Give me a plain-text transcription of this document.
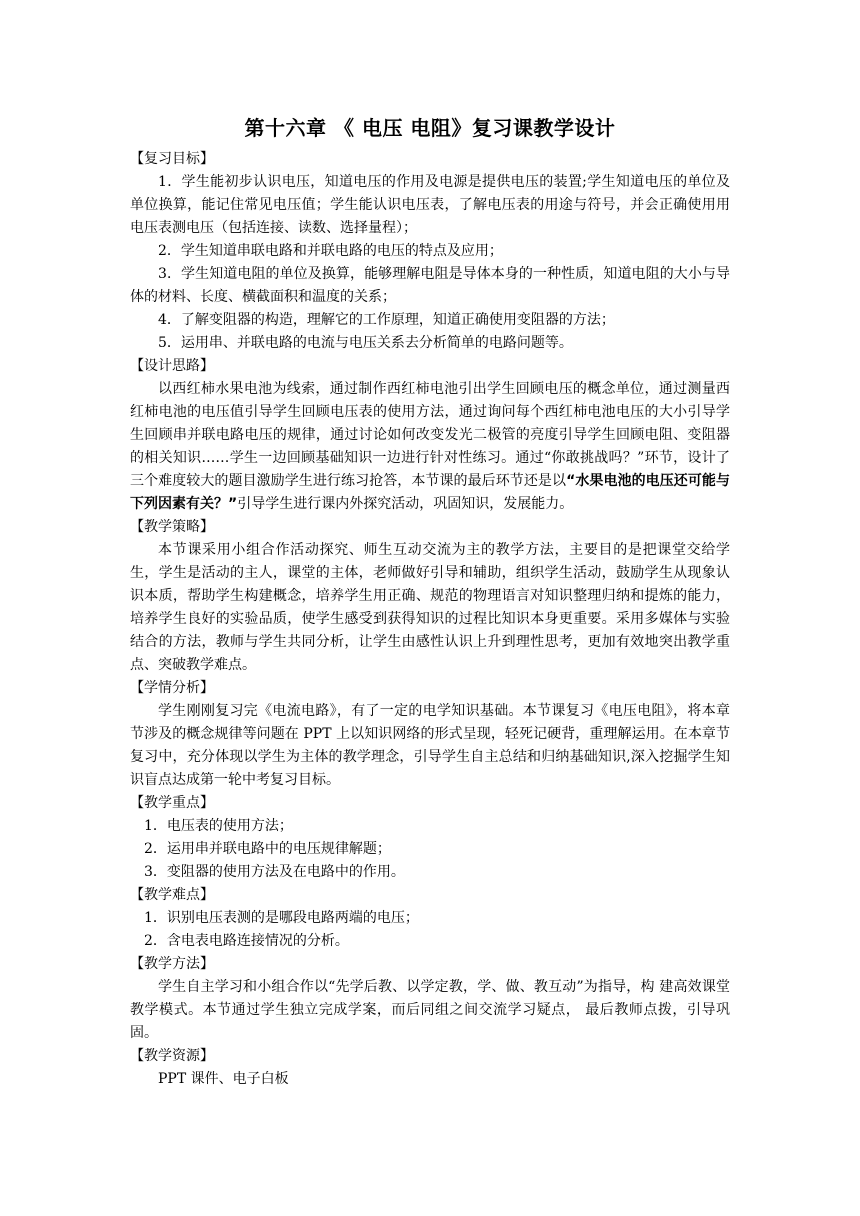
第十六章 《 电压 电阻》复习课教学设计

【复习目标】

1．学生能初步认识电压，知道电压的作用及电源是提供电压的装置;学生知道电压的单位及单位换算，能记住常见电压值；学生能认识电压表，了解电压表的用途与符号，并会正确使用用电压表测电压（包括连接、读数、选择量程）；

2．学生知道串联电路和并联电路的电压的特点及应用；

3．学生知道电阻的单位及换算，能够理解电阻是导体本身的一种性质，知道电阻的大小与导体的材料、长度、横截面积和温度的关系；

4．了解变阻器的构造，理解它的工作原理，知道正确使用变阻器的方法；

5．运用串、并联电路的电流与电压关系去分析简单的电路问题等。

【设计思路】

以西红柿水果电池为线索，通过制作西红柿电池引出学生回顾电压的概念单位，通过测量西红柿电池的电压值引导学生回顾电压表的使用方法，通过询问每个西红柿电池电压的大小引导学生回顾串并联电路电压的规律，通过讨论如何改变发光二极管的亮度引导学生回顾电阻、变阻器的相关知识……学生一边回顾基础知识一边进行针对性练习。通过“你敢挑战吗？”环节，设计了三个难度较大的题目激励学生进行练习抢答，本节课的最后环节还是以“水果电池的电压还可能与下列因素有关？”引导学生进行课内外探究活动，巩固知识，发展能力。

【教学策略】

本节课采用小组合作活动探究、师生互动交流为主的教学方法，主要目的是把课堂交给学生，学生是活动的主人，课堂的主体，老师做好引导和辅助，组织学生活动，鼓励学生从现象认识本质，帮助学生构建概念，培养学生用正确、规范的物理语言对知识整理归纳和提炼的能力，培养学生良好的实验品质，使学生感受到获得知识的过程比知识本身更重要。采用多媒体与实验结合的方法，教师与学生共同分析，让学生由感性认识上升到理性思考，更加有效地突出教学重点、突破教学难点。

【学情分析】

学生刚刚复习完《电流电路》，有了一定的电学知识基础。本节课复习《电压电阻》，将本章节涉及的概念规律等问题在 PPT 上以知识网络的形式呈现，轻死记硬背，重理解运用。在本章节复习中，充分体现以学生为主体的教学理念，引导学生自主总结和归纳基础知识,深入挖掘学生知识盲点达成第一轮中考复习目标。

【教学重点】

1．电压表的使用方法；

2．运用串并联电路中的电压规律解题；

3．变阻器的使用方法及在电路中的作用。

【教学难点】

1．识别电压表测的是哪段电路两端的电压；

2．含电表电路连接情况的分析。

【教学方法】

学生自主学习和小组合作以“先学后教、以学定教，学、做、教互动”为指导，构 建高效课堂教学模式。本节通过学生独立完成学案，而后同组之间交流学习疑点， 最后教师点拨，引导巩固。

【教学资源】

PPT 课件、电子白板
